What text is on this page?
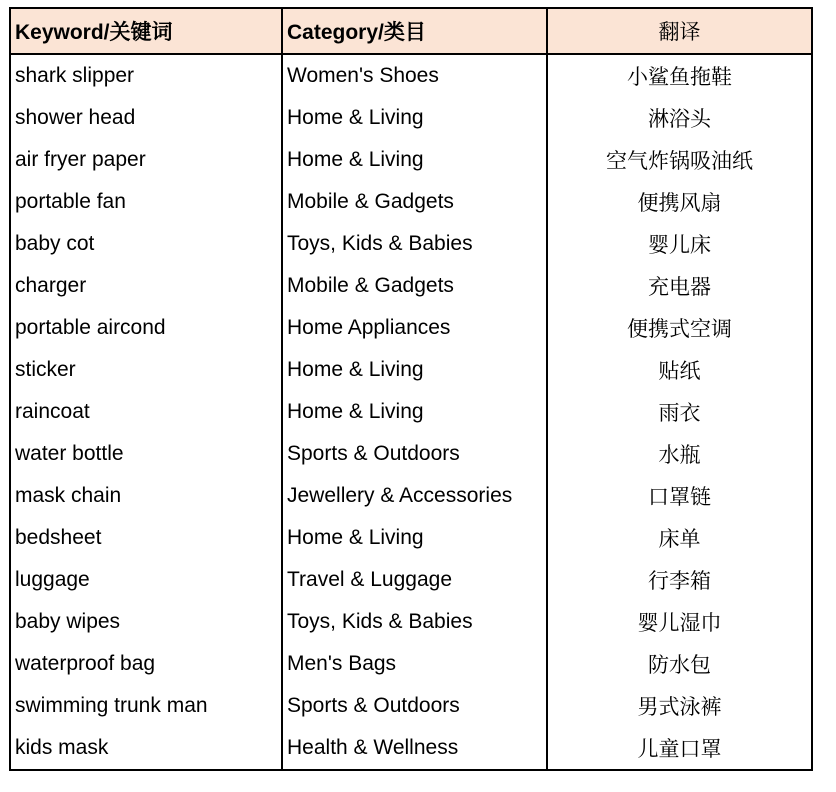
Keyword/关键词	Category/类目	翻译
shark slipper	Women's Shoes	小鲨鱼拖鞋
shower head	Home & Living	淋浴头
air fryer paper	Home & Living	空气炸锅吸油纸
portable fan	Mobile & Gadgets	便携风扇
baby cot	Toys, Kids & Babies	婴儿床
charger	Mobile & Gadgets	充电器
portable aircond	Home Appliances	便携式空调
sticker	Home & Living	贴纸
raincoat	Home & Living	雨衣
water bottle	Sports & Outdoors	水瓶
mask chain	Jewellery & Accessories	口罩链
bedsheet	Home & Living	床单
luggage	Travel & Luggage	行李箱
baby wipes	Toys, Kids & Babies	婴儿湿巾
waterproof bag	Men's Bags	防水包
swimming trunk man	Sports & Outdoors	男式泳裤
kids mask	Health & Wellness	儿童口罩
